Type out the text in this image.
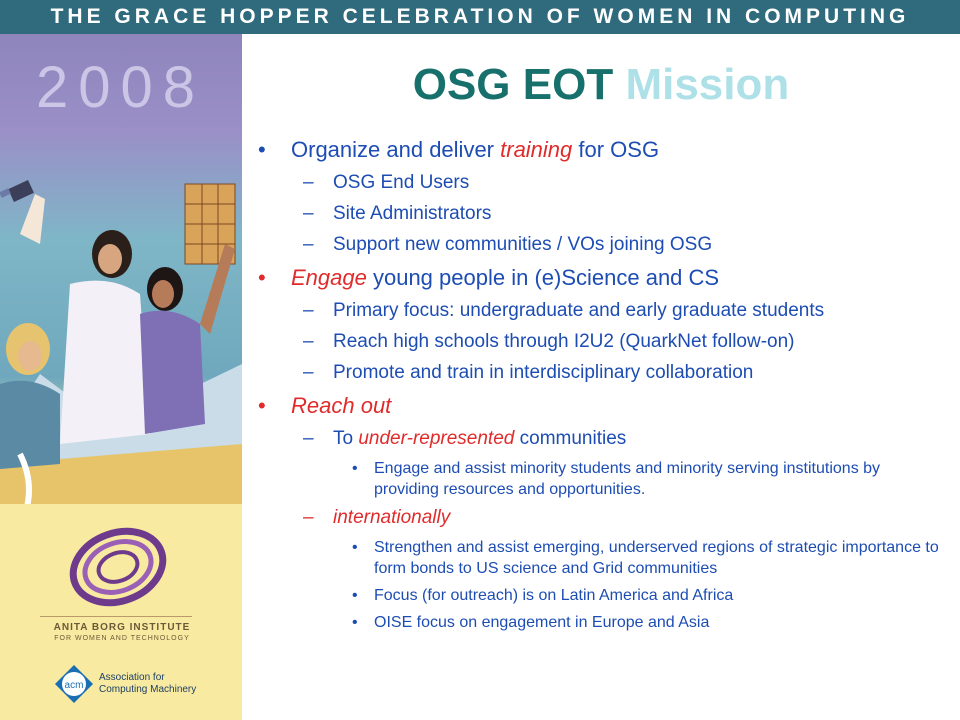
THE GRACE HOPPER CELEBRATION OF WOMEN IN COMPUTING
2008
ANITA BORG INSTITUTE
FOR WOMEN AND TECHNOLOGY
acm
Association for
Computing Machinery
OSG EOT Mission
• Organize and deliver training for OSG
– OSG End Users
– Site Administrators
– Support new communities / VOs joining OSG
• Engage young people in (e)Science and CS
– Primary focus: undergraduate and early graduate students
– Reach high schools through I2U2 (QuarkNet follow-on)
– Promote and train in interdisciplinary collaboration
• Reach out
– To under-represented communities
• Engage and assist minority students and minority serving institutions by providing resources and opportunities.
– internationally
• Strengthen and assist emerging, underserved regions of strategic importance to form bonds to US science and Grid communities
• Focus (for outreach) is on Latin America and Africa
• OISE focus on engagement in Europe and Asia
